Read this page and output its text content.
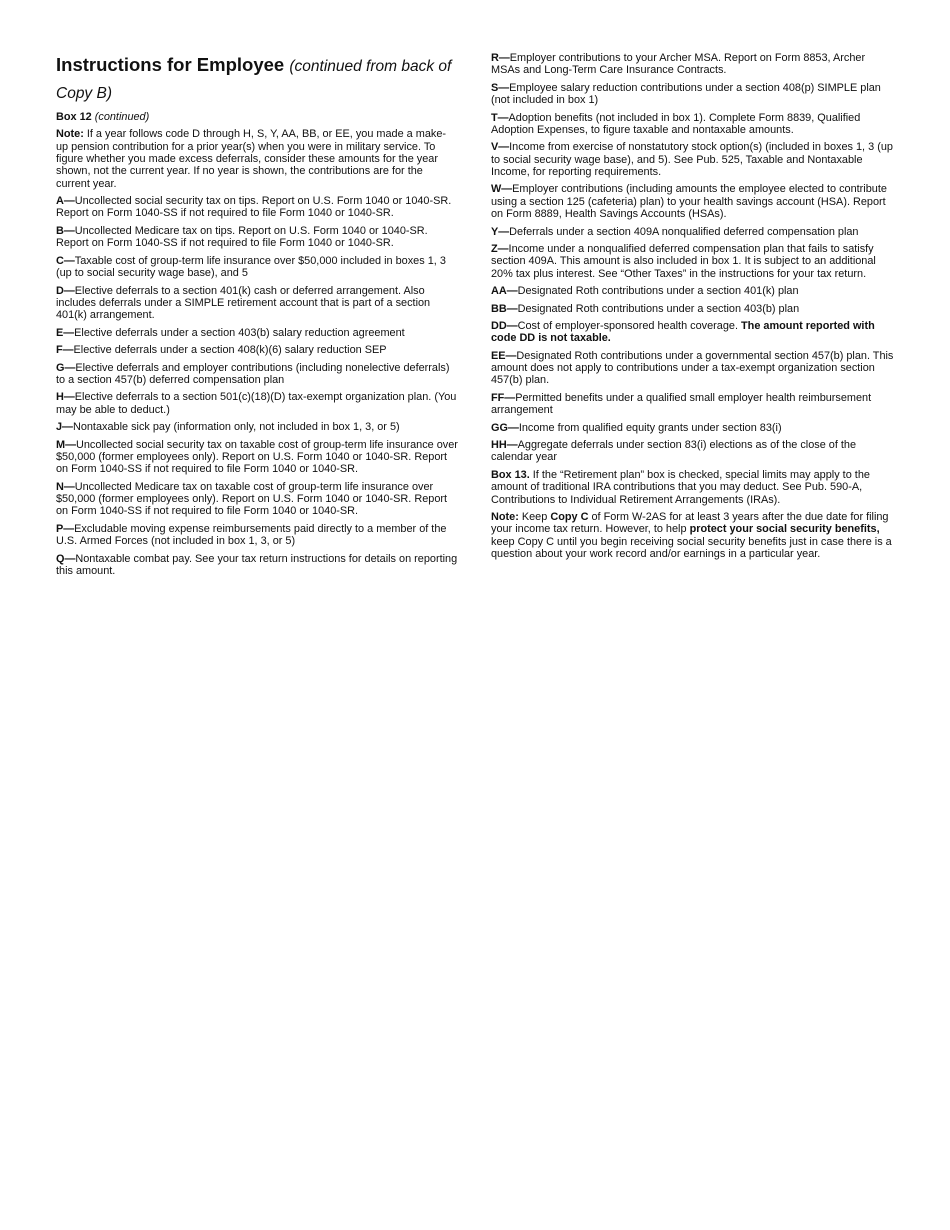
Instructions for Employee (continued from back of Copy B)

Box 12 (continued)

Note: If a year follows code D through H, S, Y, AA, BB, or EE, you made a make-up pension contribution for a prior year(s) when you were in military service. To figure whether you made excess deferrals, consider these amounts for the year shown, not the current year. If no year is shown, the contributions are for the current year.

A—Uncollected social security tax on tips. Report on U.S. Form 1040 or 1040-SR. Report on Form 1040-SS if not required to file Form 1040 or 1040-SR.

B—Uncollected Medicare tax on tips. Report on U.S. Form 1040 or 1040-SR. Report on Form 1040-SS if not required to file Form 1040 or 1040-SR.

C—Taxable cost of group-term life insurance over $50,000 included in boxes 1, 3 (up to social security wage base), and 5

D—Elective deferrals to a section 401(k) cash or deferred arrangement. Also includes deferrals under a SIMPLE retirement account that is part of a section 401(k) arrangement.

E—Elective deferrals under a section 403(b) salary reduction agreement

F—Elective deferrals under a section 408(k)(6) salary reduction SEP

G—Elective deferrals and employer contributions (including nonelective deferrals) to a section 457(b) deferred compensation plan

H—Elective deferrals to a section 501(c)(18)(D) tax-exempt organization plan. (You may be able to deduct.)

J—Nontaxable sick pay (information only, not included in box 1, 3, or 5)

M—Uncollected social security tax on taxable cost of group-term life insurance over $50,000 (former employees only). Report on U.S. Form 1040 or 1040-SR. Report on Form 1040-SS if not required to file Form 1040 or 1040-SR.

N—Uncollected Medicare tax on taxable cost of group-term life insurance over $50,000 (former employees only). Report on U.S. Form 1040 or 1040-SR. Report on Form 1040-SS if not required to file Form 1040 or 1040-SR.

P—Excludable moving expense reimbursements paid directly to a member of the U.S. Armed Forces (not included in box 1, 3, or 5)

Q—Nontaxable combat pay. See your tax return instructions for details on reporting this amount.

R—Employer contributions to your Archer MSA. Report on Form 8853, Archer MSAs and Long-Term Care Insurance Contracts.

S—Employee salary reduction contributions under a section 408(p) SIMPLE plan (not included in box 1)

T—Adoption benefits (not included in box 1). Complete Form 8839, Qualified Adoption Expenses, to figure taxable and nontaxable amounts.

V—Income from exercise of nonstatutory stock option(s) (included in boxes 1, 3 (up to social security wage base), and 5). See Pub. 525, Taxable and Nontaxable Income, for reporting requirements.

W—Employer contributions (including amounts the employee elected to contribute using a section 125 (cafeteria) plan) to your health savings account (HSA). Report on Form 8889, Health Savings Accounts (HSAs).

Y—Deferrals under a section 409A nonqualified deferred compensation plan

Z—Income under a nonqualified deferred compensation plan that fails to satisfy section 409A. This amount is also included in box 1. It is subject to an additional 20% tax plus interest. See “Other Taxes” in the instructions for your tax return.

AA—Designated Roth contributions under a section 401(k) plan

BB—Designated Roth contributions under a section 403(b) plan

DD—Cost of employer-sponsored health coverage. The amount reported with code DD is not taxable.

EE—Designated Roth contributions under a governmental section 457(b) plan. This amount does not apply to contributions under a tax-exempt organization section 457(b) plan.

FF—Permitted benefits under a qualified small employer health reimbursement arrangement

GG—Income from qualified equity grants under section 83(i)

HH—Aggregate deferrals under section 83(i) elections as of the close of the calendar year

Box 13. If the “Retirement plan” box is checked, special limits may apply to the amount of traditional IRA contributions that you may deduct. See Pub. 590-A, Contributions to Individual Retirement Arrangements (IRAs).

Note: Keep Copy C of Form W-2AS for at least 3 years after the due date for filing your income tax return. However, to help protect your social security benefits, keep Copy C until you begin receiving social security benefits just in case there is a question about your work record and/or earnings in a particular year.
